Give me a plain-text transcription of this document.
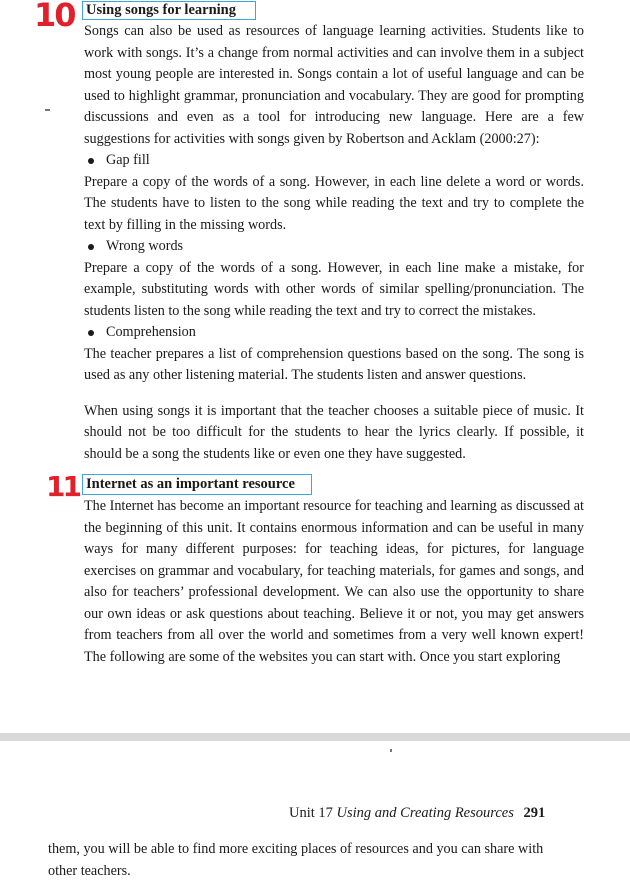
10 Using songs for learning

Songs can also be used as resources of language learning activities. Students like to work with songs. It’s a change from normal activities and can involve them in a subject most young people are interested in. Songs contain a lot of useful language and can be used to highlight grammar, pronunciation and vocabulary. They are good for prompting discussions and even as a tool for introducing new language. Here are a few suggestions for activities with songs given by Robertson and Acklam (2000:27):

Gap fill

Prepare a copy of the words of a song. However, in each line delete a word or words. The students have to listen to the song while reading the text and try to complete the text by filling in the missing words.

Wrong words

Prepare a copy of the words of a song. However, in each line make a mistake, for example, substituting words with other words of similar spelling/pronunciation. The students listen to the song while reading the text and try to correct the mistakes.

Comprehension

The teacher prepares a list of comprehension questions based on the song. The song is used as any other listening material. The students listen and answer questions.

When using songs it is important that the teacher chooses a suitable piece of music. It should not be too difficult for the students to hear the lyrics clearly. If possible, it should be a song the students like or even one they have suggested.

11 Internet as an important resource

The Internet has become an important resource for teaching and learning as discussed at the beginning of this unit. It contains enormous information and can be useful in many ways for many different purposes: for teaching ideas, for pictures, for language exercises on grammar and vocabulary, for teaching materials, for games and songs, and also for teachers’ professional development. We can also use the opportunity to share our own ideas or ask questions about teaching. Believe it or not, you may get answers from teachers from all over the world and sometimes from a very well known expert! The following are some of the websites you can start with. Once you start exploring

Unit 17 Using and Creating Resources 291

them, you will be able to find more exciting places of resources and you can share with other teachers.
